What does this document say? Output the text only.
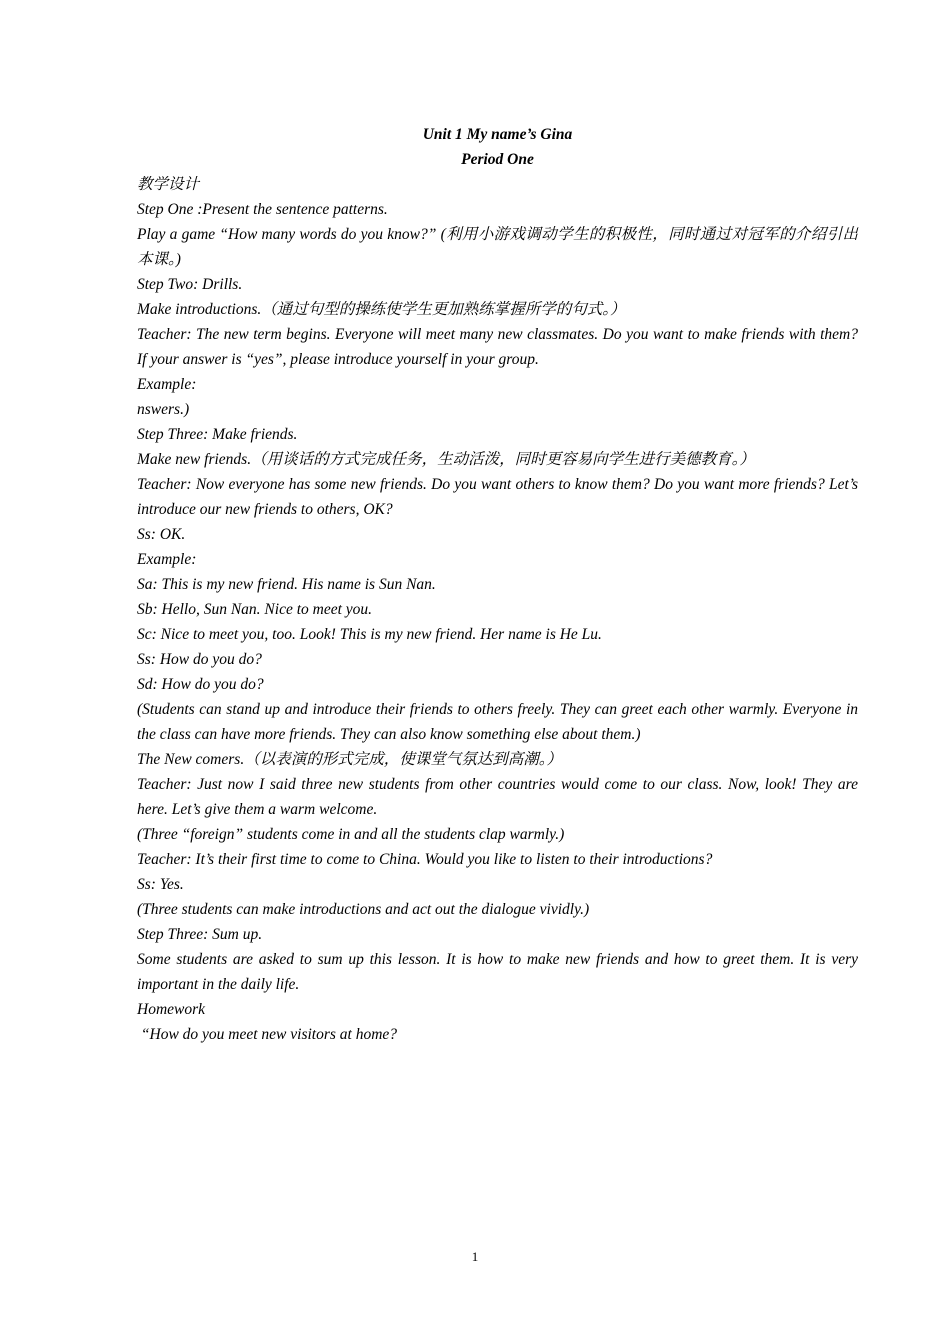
Unit 1 My name’s Gina

Period One

教学设计

Step One :Present the sentence patterns.

Play a game “How many words do you know?” (利用小游戏调动学生的积极性，同时通过对冠军的介绍引出本课。)

Step Two: Drills.

Make introductions.（通过句型的操练使学生更加熟练掌握所学的句式。）

Teacher: The new term begins. Everyone will meet many new classmates. Do you want to make friends with them? If your answer is “yes”, please introduce yourself in your group.

Example:

nswers.)

Step Three: Make friends.

Make new friends.（用谈话的方式完成任务，生动活泼，同时更容易向学生进行美德教育。）

Teacher: Now everyone has some new friends. Do you want others to know them? Do you want more friends? Let’s introduce our new friends to others, OK?

Ss: OK.

Example:

Sa: This is my new friend. His name is Sun Nan.

Sb: Hello, Sun Nan. Nice to meet you.

Sc: Nice to meet you, too. Look! This is my new friend. Her name is He Lu.

Ss: How do you do?

Sd: How do you do?

(Students can stand up and introduce their friends to others freely. They can greet each other warmly. Everyone in the class can have more friends. They can also know something else about them.)

The New comers.（以表演的形式完成，使课堂气氛达到高潮。）

Teacher: Just now I said three new students from other countries would come to our class. Now, look! They are here. Let’s give them a warm welcome.

(Three “foreign” students come in and all the students clap warmly.)

Teacher: It’s their first time to come to China. Would you like to listen to their introductions?

Ss: Yes.

(Three students can make introductions and act out the dialogue vividly.)

Step Three: Sum up.

Some students are asked to sum up this lesson. It is how to make new friends and how to greet them. It is very important in the daily life.

Homework

“How do you meet new visitors at home?

1
